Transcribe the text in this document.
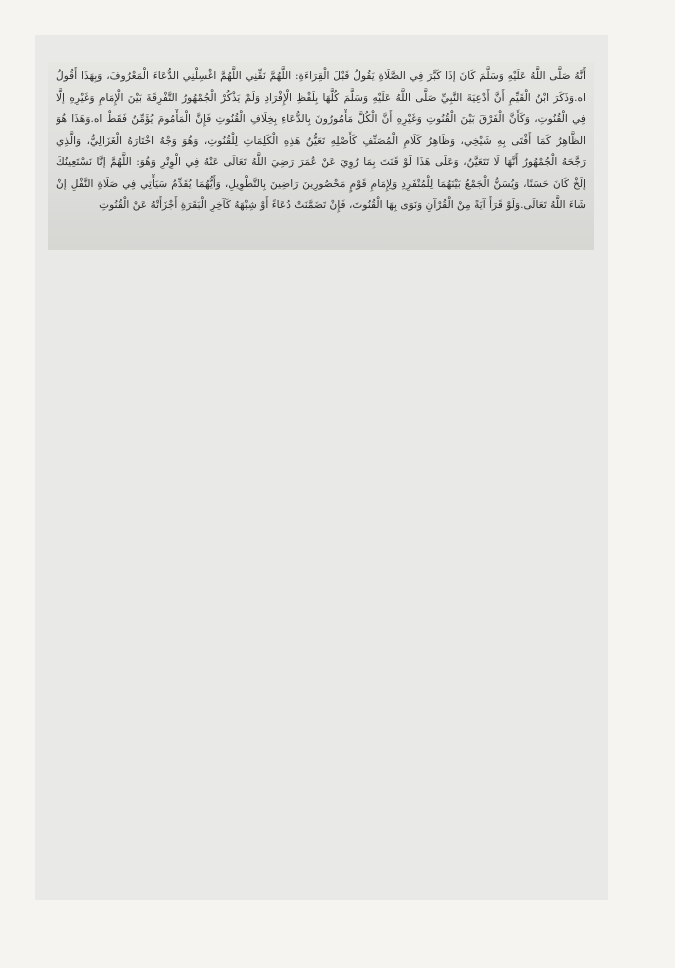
أَنَّهُ صَلَّى اللَّهُ عَلَيْهِ وَسَلَّمَ كَانَ إذَا كَبَّرَ فِي الصَّلَاةِ يَقُولُ قَبْلَ الْقِرَاءَةِ: اللَّهُمَّ نَقِّنِي اللَّهُمَّ اغْسِلْنِي الدُّعَاءَ الْمَعْرُوفَ، وَبِهَذَا أَقُولُ
اه.وَذَكَرَ ابْنُ الْقَيِّمِ أَنَّ أَدْعِيَةَ النَّبِيِّ صَلَّى اللَّهُ عَلَيْهِ وَسَلَّمَ كُلَّهَا بِلَفْظِ الْإِفْرَادِ وَلَمْ يَذْكُرْ الْجُمْهُورُ التَّفْرِقَةَ بَيْنَ الْإِمَامِ وَغَيْرِهِ إلَّا
فِي الْقُنُوتِ، وَكَأَنَّ الْفَرْقَ بَيْنَ الْقُنُوتِ وَغَيْرِهِ أَنَّ الْكُلَّ مَأْمُورُونَ بِالدُّعَاءِ بِخِلَافِ الْقُنُوتِ فَإِنَّ الْمَأْمُومَ يُؤَمِّنُ فَقَطْ اه.وَهَذَا هُوَ
الظَّاهِرُ كَمَا أَفْتَى بِهِ شَيْخِي، وَظَاهِرُ كَلَامِ الْمُصَنِّفِ كَأَصْلِهِ تَعَيُّنُ هَذِهِ الْكَلِمَاتِ لِلْقُنُوتِ، وَهُوَ وَجْهٌ اخْتَارَهُ الْغَزَالِيُّ، وَالَّذِي
رَجَّحَهُ الْجُمْهُورُ أَنَّهَا لَا تَتَعَيَّنُ، وَعَلَى هَذَا لَوْ قَنَتَ بِمَا رُوِيَ عَنْ عُمَرَ رَضِيَ اللَّهُ تَعَالَى عَنْهُ فِي الْوِتْرِ وَهُوَ: اللَّهُمَّ إنَّا نَسْتَعِينُكَ
إلَخْ كَانَ حَسَنًا، وَيُسَنُّ الْجَمْعُ بَيْنَهُمَا لِلْمُنْفَرِدِ وَلِإِمَامِ قَوْمٍ مَحْصُورِينَ رَاضِينَ بِالتَّطْوِيلِ، وَأَيُّهُمَا يُقَدِّمُ سَيَأْتِي فِي صَلَاةِ النَّفْلِ إنْ
شَاءَ اللَّهُ تَعَالَى.وَلَوْ قَرَأَ آيَةً مِنْ الْقُرْآنِ وَنَوَى بِهَا الْقُنُوتَ، فَإِنْ تَضَمَّنَتْ دُعَاءً أَوْ شِبْهَهُ كَآخِرِ الْبَقَرَةِ أَجْزَأَتْهُ عَنْ الْقُنُوتِ
